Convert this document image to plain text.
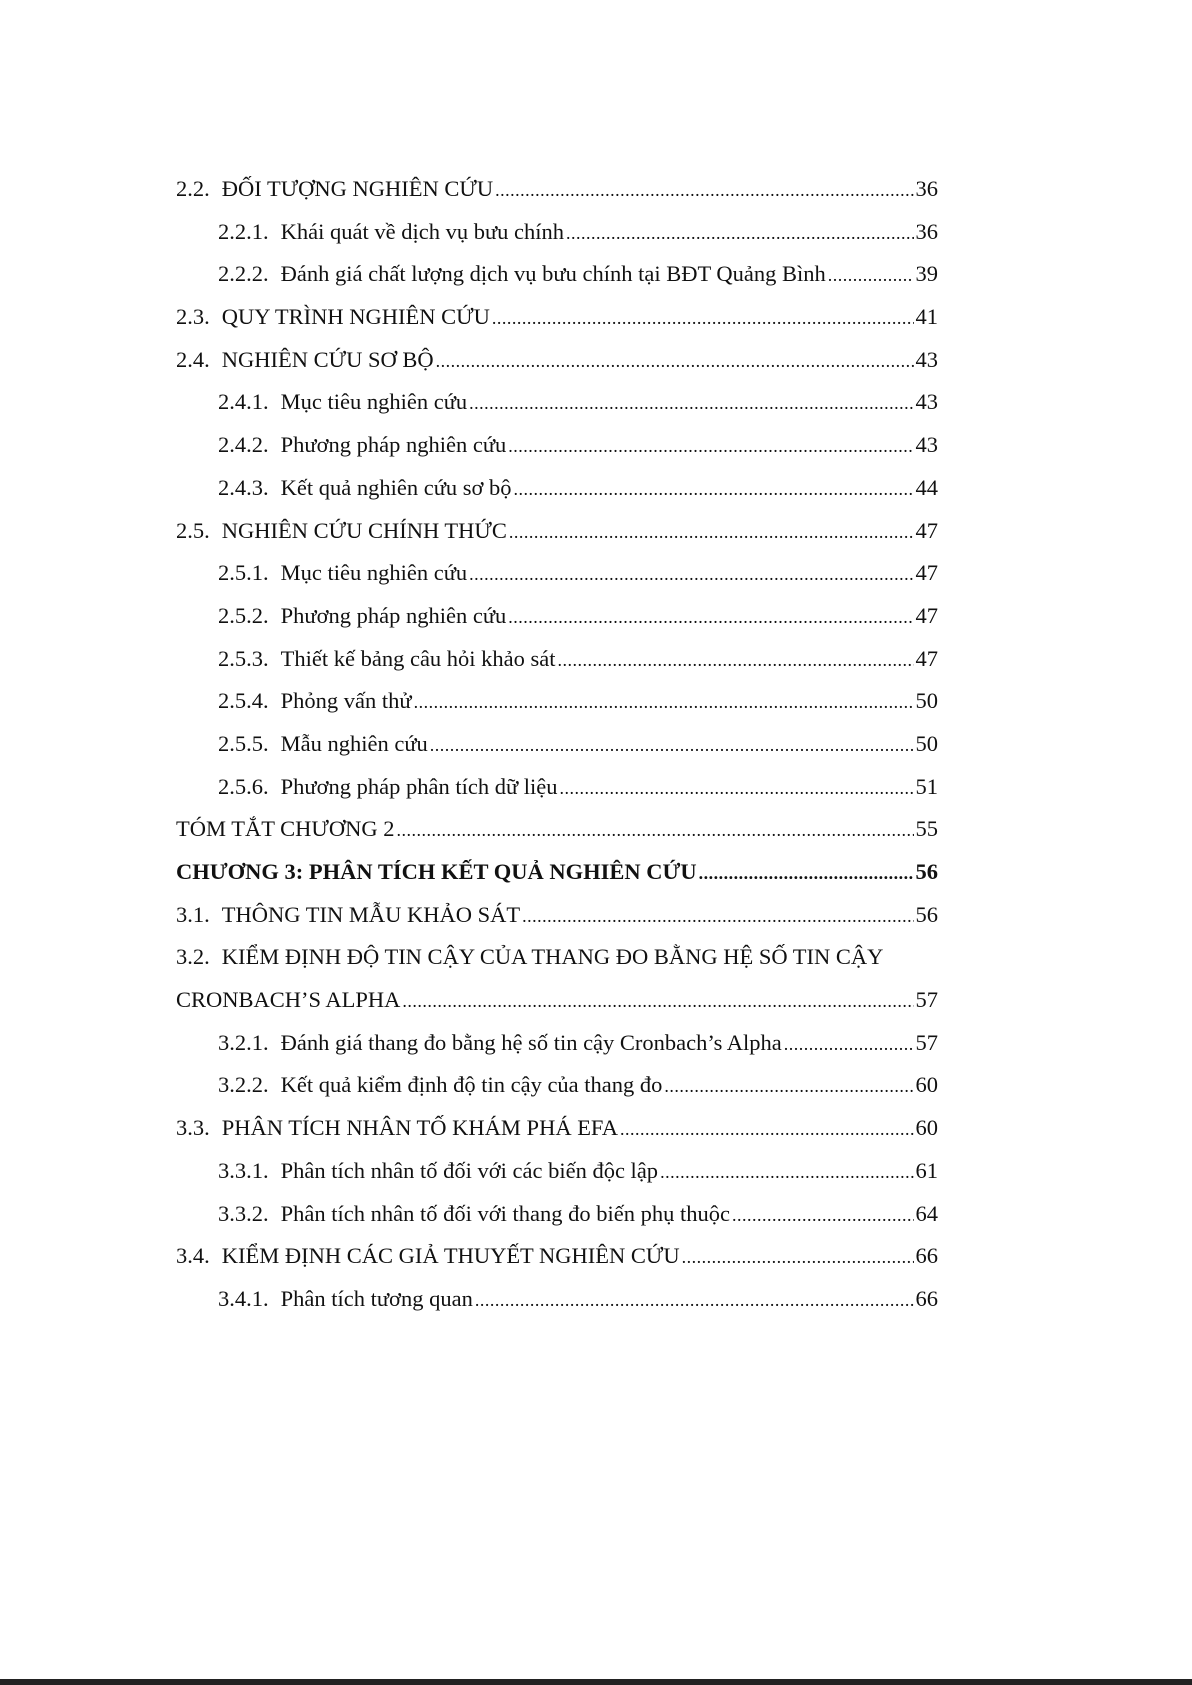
2.2. ĐỐI TƯỢNG NGHIÊN CỨU . . .	36
2.2.1. Khái quát về dịch vụ bưu chính . . .	36
2.2.2. Đánh giá chất lượng dịch vụ bưu chính tại BĐT Quảng Bình . . .	39
2.3. QUY TRÌNH NGHIÊN CỨU . . .	41
2.4. NGHIÊN CỨU SƠ BỘ . . .	43
2.4.1. Mục tiêu nghiên cứu . . .	43
2.4.2. Phương pháp nghiên cứu . . .	43
2.4.3. Kết quả nghiên cứu sơ bộ . . .	44
2.5. NGHIÊN CỨU CHÍNH THỨC . . .	47
2.5.1. Mục tiêu nghiên cứu . . .	47
2.5.2. Phương pháp nghiên cứu . . .	47
2.5.3. Thiết kế bảng câu hỏi khảo sát . . .	47
2.5.4. Phỏng vấn thử . . .	50
2.5.5. Mẫu nghiên cứu . . .	50
2.5.6. Phương pháp phân tích dữ liệu . . .	51
TÓM TẮT CHƯƠNG 2 . . .	55
CHƯƠNG 3: PHÂN TÍCH KẾT QUẢ NGHIÊN CỨU . . .	56
3.1. THÔNG TIN MẪU KHẢO SÁT . . .	56
3.2. KIỂM ĐỊNH ĐỘ TIN CẬY CỦA THANG ĐO BẰNG HỆ SỐ TIN CẬY
CRONBACH’S ALPHA . . .	57
3.2.1. Đánh giá thang đo bằng hệ số tin cậy Cronbach’s Alpha . . .	57
3.2.2. Kết quả kiểm định độ tin cậy của thang đo . . .	60
3.3. PHÂN TÍCH NHÂN TỐ KHÁM PHÁ EFA . . .	60
3.3.1. Phân tích nhân tố đối với các biến độc lập . . .	61
3.3.2. Phân tích nhân tố đối với thang đo biến phụ thuộc . . .	64
3.4. KIỂM ĐỊNH CÁC GIẢ THUYẾT NGHIÊN CỨU . . .	66
3.4.1. Phân tích tương quan . . .	66
